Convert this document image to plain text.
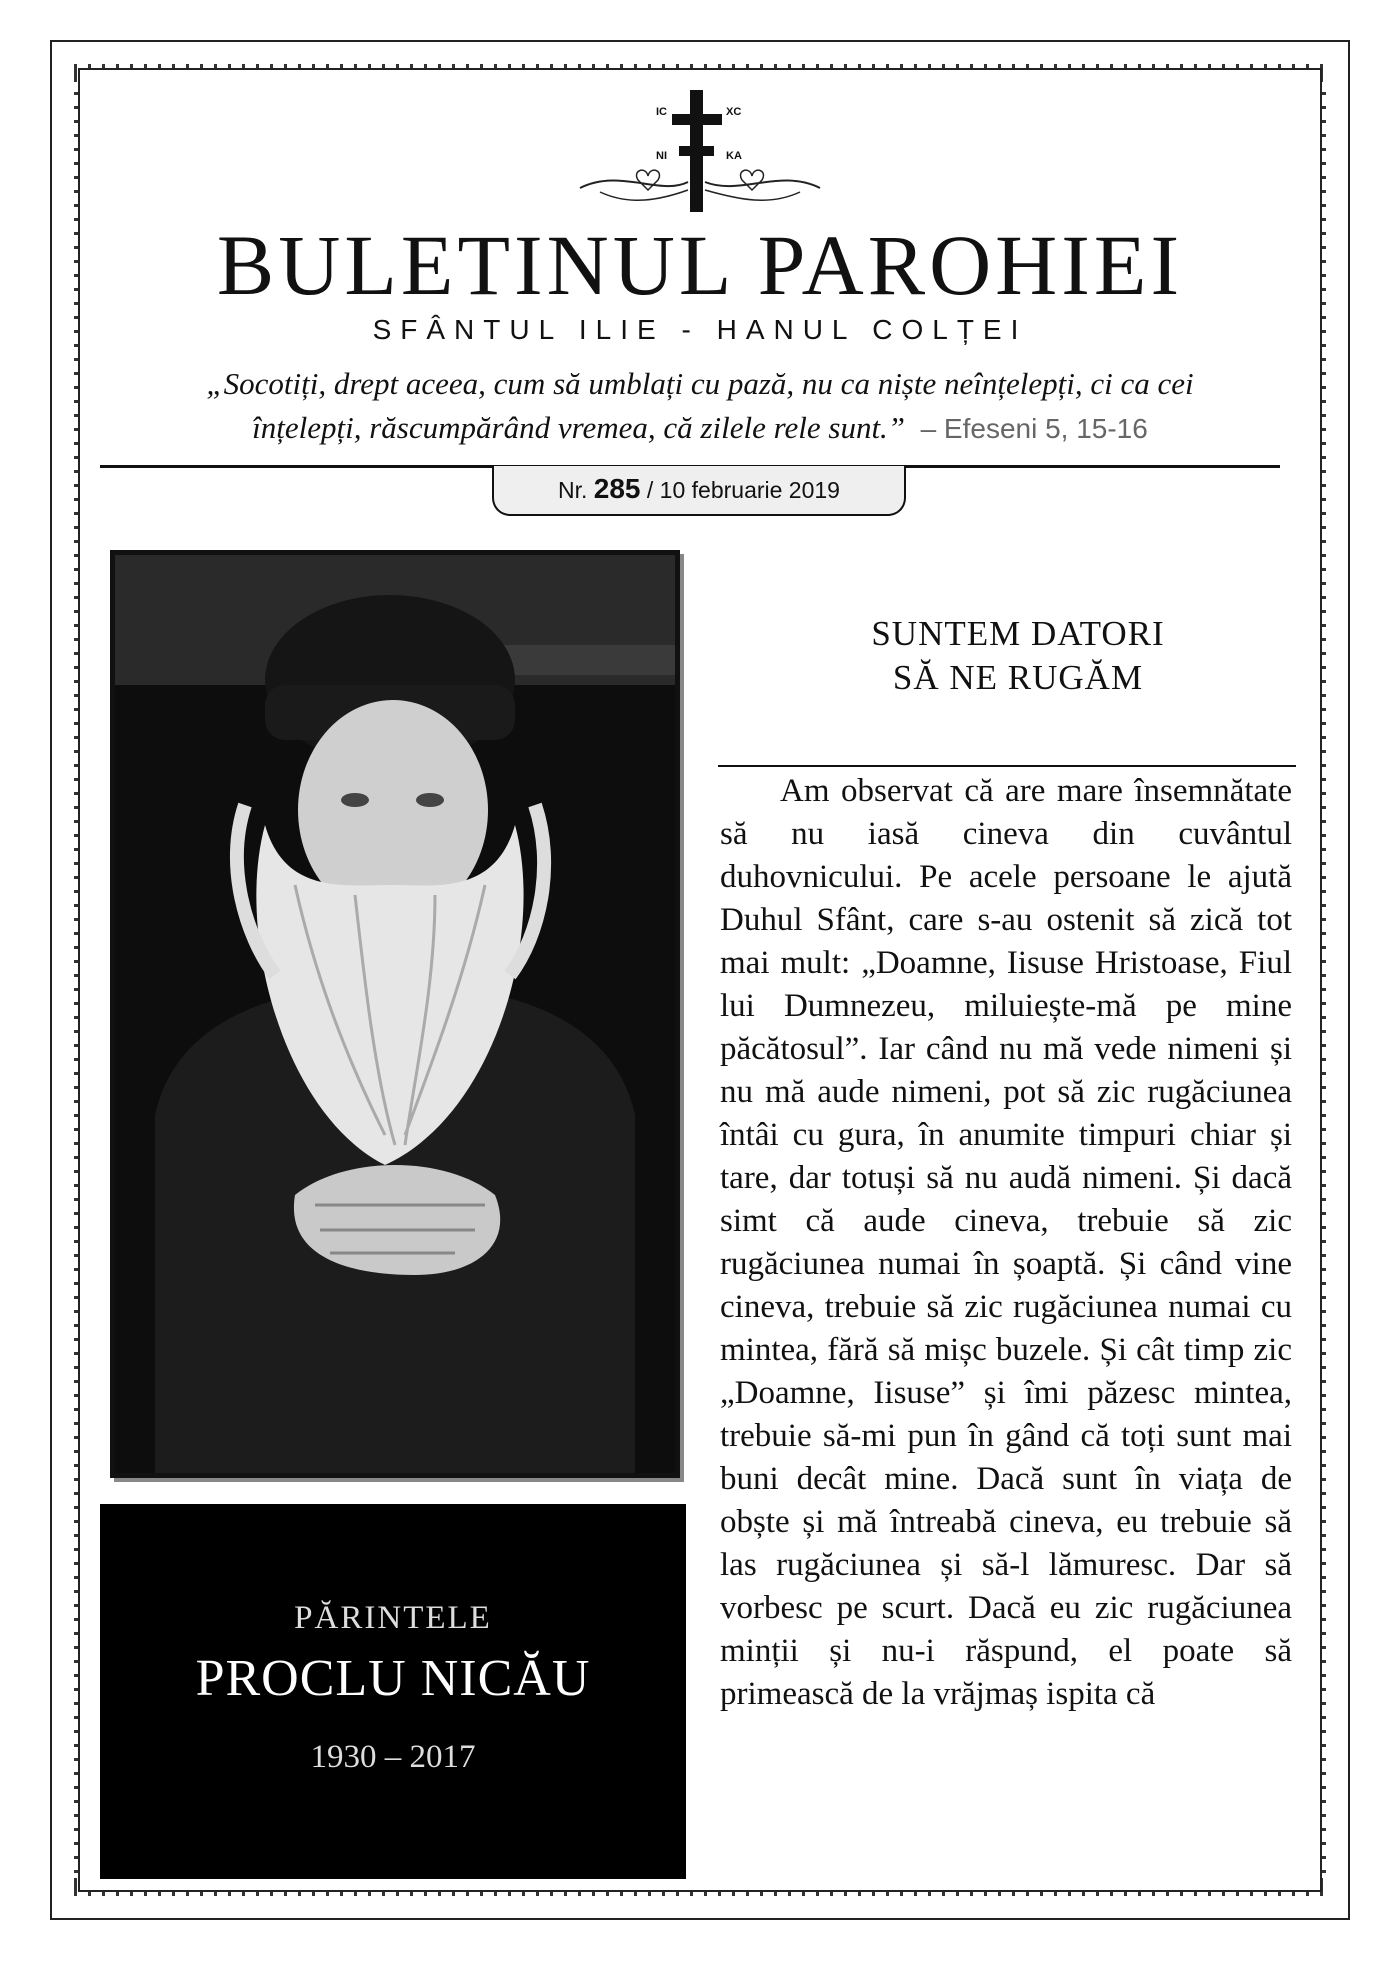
IC	ΧC
NI	KA
BULETINUL PAROHIEI
SFÂNTUL ILIE - HANUL COLȚEI
„Socotiți, drept aceea, cum să umblați cu pază, nu ca niște neînțelepți, ci ca cei
înțelepți, răscumpărând vremea, că zilele rele sunt.” – Efeseni 5, 15-16
Nr. 285 / 10 februarie 2019
PĂRINTELE
PROCLU NICĂU
1930 – 2017
SUNTEM DATORI
SĂ NE RUGĂM
Am observat că are mare însemnătate să nu iasă cineva din cuvântul duhovnicului. Pe acele persoane le ajută Duhul Sfânt, care s-au ostenit să zică tot mai mult: „Doamne, Iisuse Hristoase, Fiul lui Dumnezeu, miluiește-mă pe mine păcătosul”. Iar când nu mă vede nimeni și nu mă aude nimeni, pot să zic rugăciunea întâi cu gura, în anumite timpuri chiar și tare, dar totuși să nu audă nimeni. Și dacă simt că aude cineva, trebuie să zic rugăciunea numai în șoaptă. Și când vine cineva, trebuie să zic rugăciunea numai cu mintea, fără să mișc buzele. Și cât timp zic „Doamne, Iisuse” și îmi păzesc mintea, trebuie să-mi pun în gând că toți sunt mai buni decât mine. Dacă sunt în viața de obște și mă întreabă cineva, eu trebuie să las rugăciunea și să-l lămuresc. Dar să vorbesc pe scurt. Dacă eu zic rugăciunea minții și nu-i răspund, el poate să primească de la vrăjmaș ispita că
